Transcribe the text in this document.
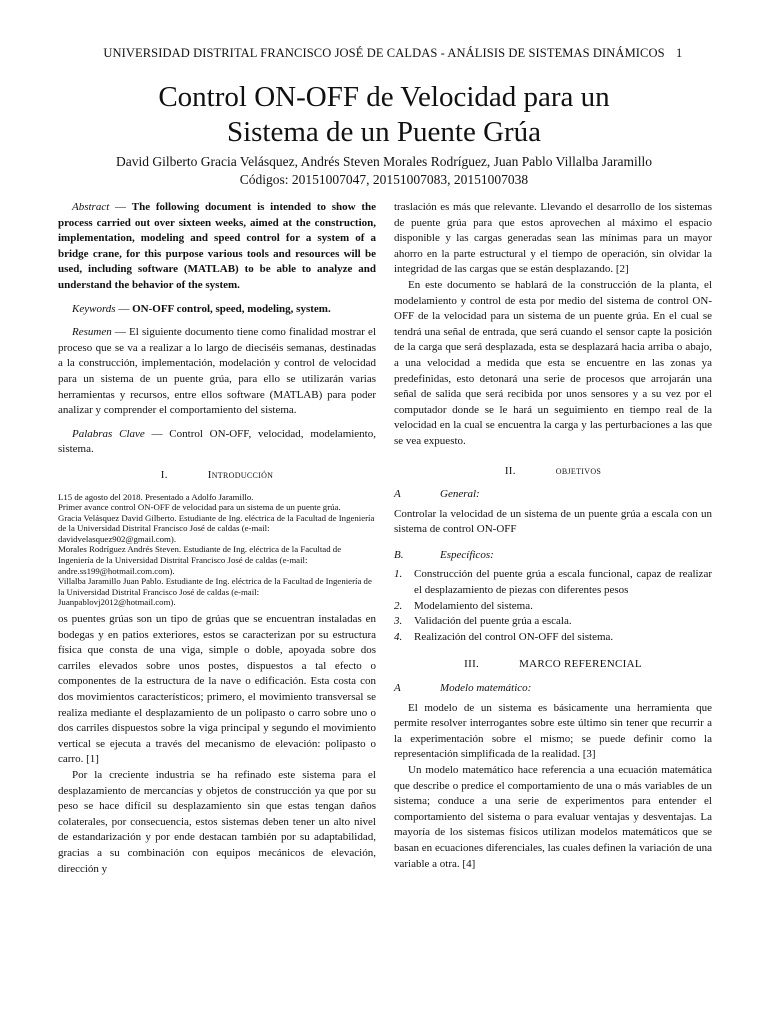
UNIVERSIDAD DISTRITAL FRANCISCO JOSÉ DE CALDAS - ANÁLISIS DE SISTEMAS DINÁMICOS 1
Control ON-OFF de Velocidad para un
Sistema de un Puente Grúa
David Gilberto Gracia Velásquez, Andrés Steven Morales Rodríguez, Juan Pablo Villalba Jaramillo
Códigos: 20151007047, 20151007083, 20151007038

Abstract — The following document is intended to show the process carried out over sixteen weeks, aimed at the construction, implementation, modeling and speed control for a system of a bridge crane, for this purpose various tools and resources will be used, including software (MATLAB) to be able to analyze and understand the behavior of the system.

Keywords — ON-OFF control, speed, modeling, system.

Resumen — El siguiente documento tiene como finalidad mostrar el proceso que se va a realizar a lo largo de dieciséis semanas, destinadas a la construcción, implementación, modelación y control de velocidad para un sistema de un puente grúa, para ello se utilizarán varias herramientas y recursos, entre ellos software (MATLAB) para poder analizar y comprender el comportamiento del sistema.

Palabras Clave — Control ON-OFF, velocidad, modelamiento, sistema.

I.	Introducción

L15 de agosto del 2018. Presentado a Adolfo Jaramillo.

Primer avance control ON-OFF de velocidad para un sistema de un puente grúa.

Gracia Velásquez David Gilberto. Estudiante de Ing. eléctrica de la Facultad de Ingeniería de la Universidad Distrital Francisco José de caldas (e-mail: davidvelasquez902@gmail.com).

Morales Rodríguez Andrés Steven. Estudiante de Ing. eléctrica de la Facultad de Ingeniería de la Universidad Distrital Francisco José de caldas (e-mail: andre.ss199@hotmail.com.com).

Villalba Jaramillo Juan Pablo. Estudiante de Ing. eléctrica de la Facultad de Ingeniería de la Universidad Distrital Francisco José de caldas (e-mail: Juanpablovj2012@hotmail.com).

os puentes grúas son un tipo de grúas que se encuentran instaladas en bodegas y en patios exteriores, estos se caracterizan por su estructura física que consta de una viga, simple o doble, apoyada sobre dos carriles elevados sobre unos postes, dispuestos a tal efecto o componentes de la estructura de la nave o edificación. Esta costa con dos movimientos característicos; primero, el movimiento transversal se realiza mediante el desplazamiento de un polipasto o carro sobre uno o dos carriles dispuestos sobre la viga principal y segundo el movimiento vertical se ejecuta a través del mecanismo de elevación: polipasto o carro. [1]

Por la creciente industria se ha refinado este sistema para el desplazamiento de mercancías y objetos de construcción ya que por su peso se hace difícil su desplazamiento sin que estas tengan daños colaterales, por consecuencia, estos sistemas deben tener un alto nivel de estandarización y por ende destacan también por su adaptabilidad, gracias a su combinación con equipos mecánicos de elevación, dirección y

traslación es más que relevante. Llevando el desarrollo de los sistemas de puente grúa para que estos aprovechen al máximo el espacio disponible y las cargas generadas sean las mínimas para un mayor ahorro en la parte estructural y el tiempo de operación, sin olvidar la integridad de las cargas que se están desplazando. [2]

En este documento se hablará de la construcción de la planta, el modelamiento y control de esta por medio del sistema de control ON-OFF de la velocidad para un sistema de un puente grúa. En el cual se tendrá una señal de entrada, que será cuando el sensor capte la posición de la carga que será desplazada, esta se desplazará hacia arriba o abajo, a una velocidad a medida que esta se encuentre en las zonas ya predefinidas, esto detonará una serie de procesos que arrojarán una señal de salida que será recibida por unos sensores y a su vez por el computador donde se le hará un seguimiento en tiempo real de la velocidad en la cual se encuentra la carga y las perturbaciones a las que se vea expuesto.

II.	objetivos
A	General:

Controlar la velocidad de un sistema de un puente grúa a escala con un sistema de control ON-OFF

B.	Específicos:
1. Construcción del puente grúa a escala funcional, capaz de realizar el desplazamiento de piezas con diferentes pesos
2. Modelamiento del sistema.
3. Validación del puente grúa a escala.
4. Realización del control ON-OFF del sistema.
III.	MARCO REFERENCIAL
A	Modelo matemático:

El modelo de un sistema es básicamente una herramienta que permite resolver interrogantes sobre este último sin tener que recurrir a la experimentación sobre el mismo; se puede definir como la representación simplificada de la realidad. [3]

Un modelo matemático hace referencia a una ecuación matemática que describe o predice el comportamiento de una o más variables de un sistema; conduce a una serie de experimentos para entender el comportamiento del sistema o para evaluar ventajas y desventajas. La mayoría de los sistemas físicos utilizan modelos matemáticos que se basan en ecuaciones diferenciales, las cuales definen la variación de una variable a otra. [4]
